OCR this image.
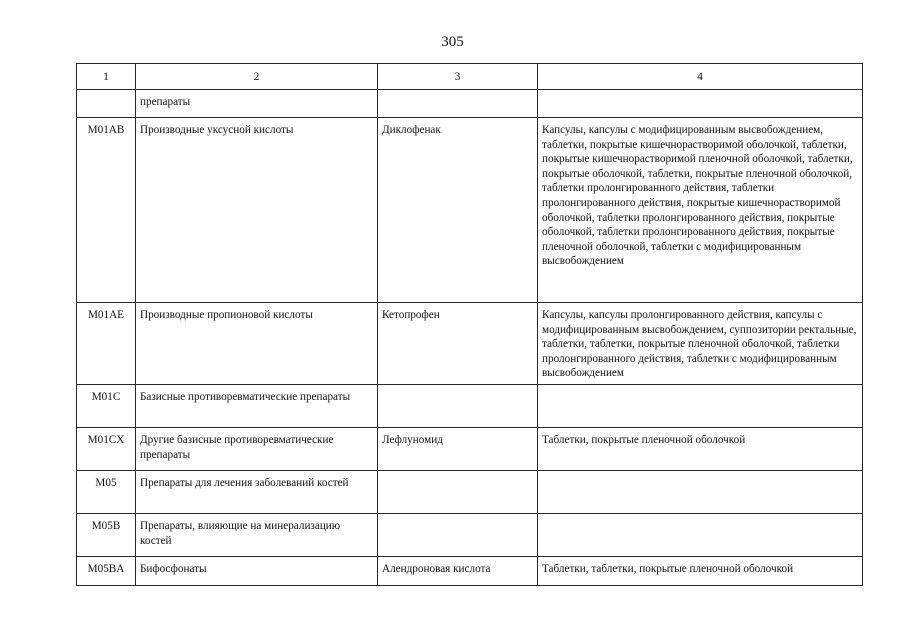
305
1	2	3	4
	препараты		
M01AB	Производные уксусной кислоты	Диклофенак	Капсулы, капсулы с модифицированным высвобождением, таблетки, покрытые кишечнорастворимой оболочкой, таблетки, покрытые кишечнорастворимой пленочной оболочкой, таблетки, покрытые оболочкой, таблетки, покрытые пленочной оболочкой, таблетки пролонгированного действия, таблетки пролонгированного действия, покрытые кишечнорастворимой оболочкой, таблетки пролонгированного действия, покрытые оболочкой, таблетки пролонгированного действия, покрытые пленочной оболочкой, таблетки с модифицированным высвобождением
M01AE	Производные пропионовой кислоты	Кетопрофен	Капсулы, капсулы пролонгированного действия, капсулы с модифицированным высвобождением, суппозитории ректальные, таблетки, таблетки, покрытые пленочной оболочкой, таблетки пролонгированного действия, таблетки с модифицированным высвобождением
M01C	Базисные противоревматические препараты		
M01CX	Другие базисные противоревматические препараты	Лефлуномид	Таблетки, покрытые пленочной оболочкой
M05	Препараты для лечения заболеваний костей		
M05B	Препараты, влияющие на минерализацию костей		
M05BA	Бифосфонаты	Алендроновая кислота	Таблетки, таблетки, покрытые пленочной оболочкой
